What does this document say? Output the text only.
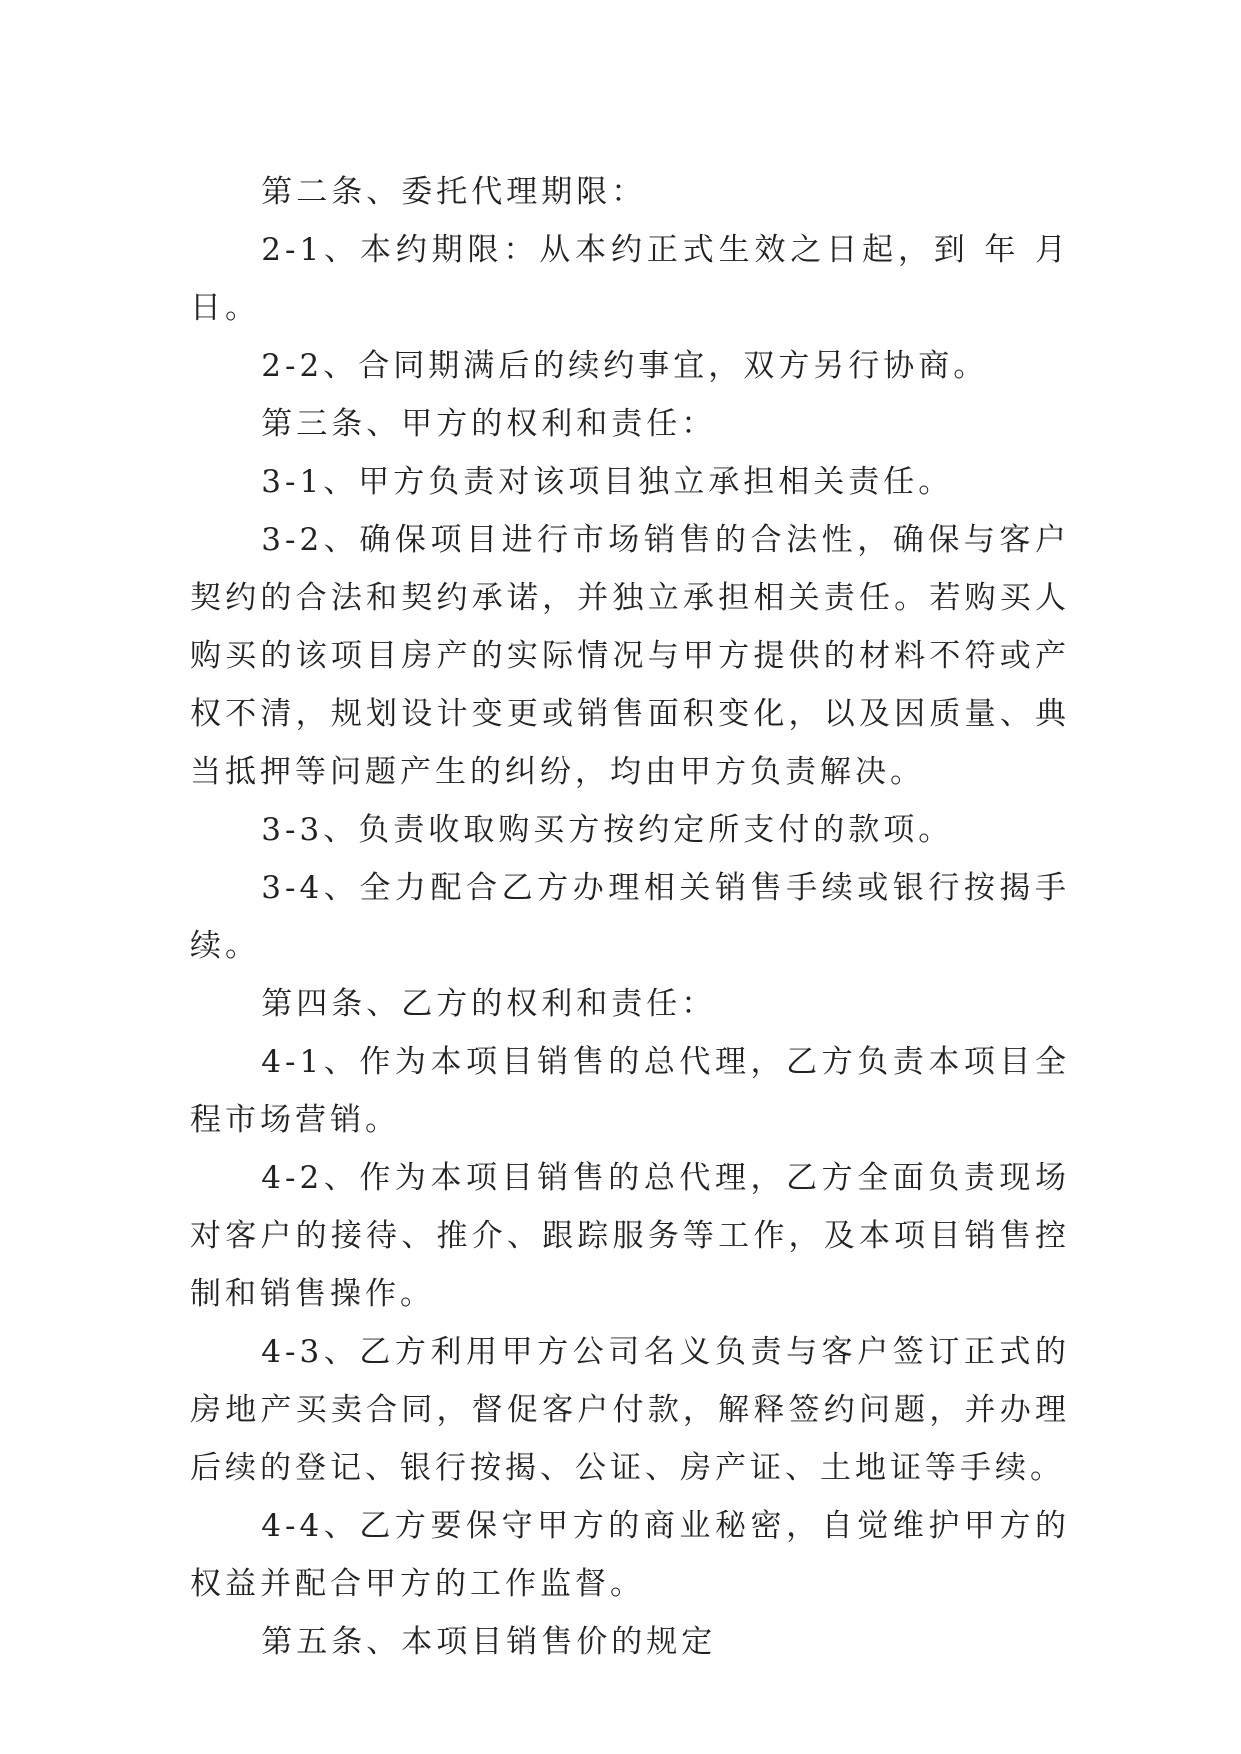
第二条、委托代理期限：

2-1、本约期限：从本约正式生效之日起，到 年 月 日。

2-2、合同期满后的续约事宜，双方另行协商。

第三条、甲方的权利和责任：

3-1、甲方负责对该项目独立承担相关责任。

3-2、确保项目进行市场销售的合法性，确保与客户契约的合法和契约承诺，并独立承担相关责任。若购买人购买的该项目房产的实际情况与甲方提供的材料不符或产权不清，规划设计变更或销售面积变化，以及因质量、典当抵押等问题产生的纠纷，均由甲方负责解决。

3-3、负责收取购买方按约定所支付的款项。

3-4、全力配合乙方办理相关销售手续或银行按揭手续。

第四条、乙方的权利和责任：

4-1、作为本项目销售的总代理，乙方负责本项目全程市场营销。

4-2、作为本项目销售的总代理，乙方全面负责现场对客户的接待、推介、跟踪服务等工作，及本项目销售控制和销售操作。

4-3、乙方利用甲方公司名义负责与客户签订正式的房地产买卖合同，督促客户付款，解释签约问题，并办理后续的登记、银行按揭、公证、房产证、土地证等手续。

4-4、乙方要保守甲方的商业秘密，自觉维护甲方的权益并配合甲方的工作监督。

第五条、本项目销售价的规定
